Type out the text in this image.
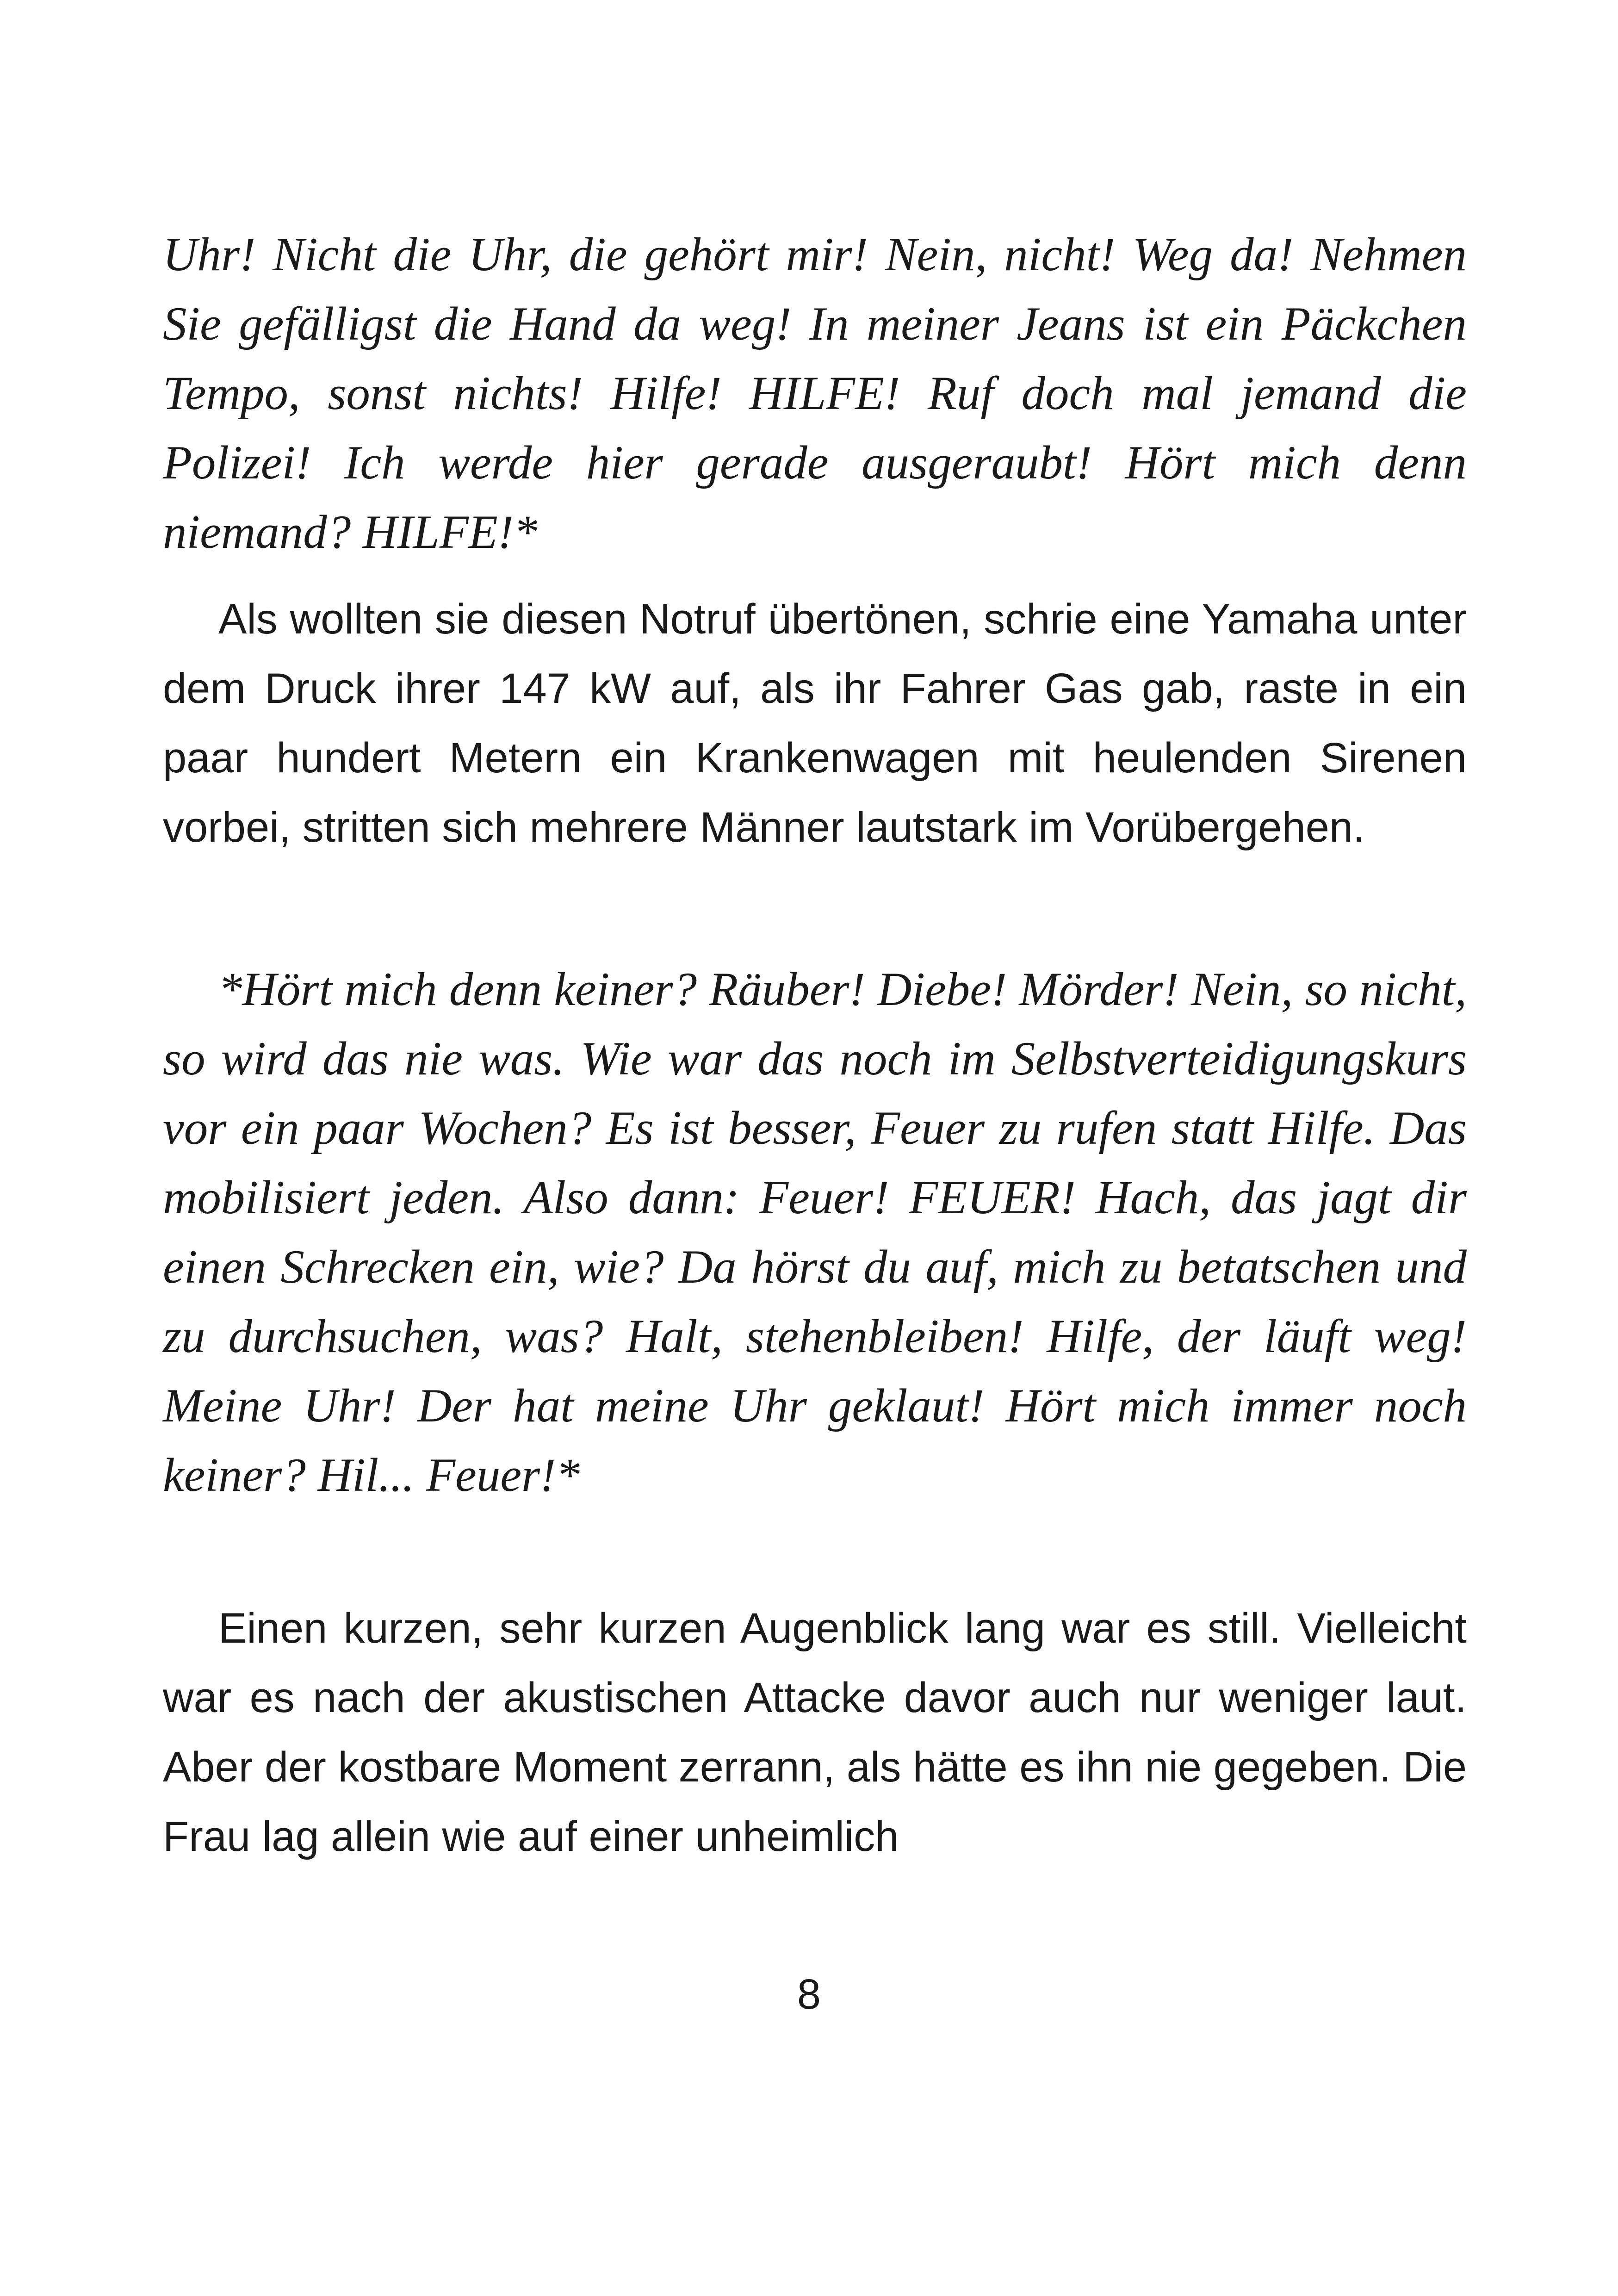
Uhr! Nicht die Uhr, die gehört mir! Nein, nicht! Weg da! Nehmen Sie gefälligst die Hand da weg! In meiner Jeans ist ein Päckchen Tempo, sonst nichts! Hilfe! HILFE! Ruf doch mal jemand die Polizei! Ich werde hier gerade ausgeraubt! Hört mich denn niemand? HILFE!*

Als wollten sie diesen Notruf übertönen, schrie eine Yamaha unter dem Druck ihrer 147 kW auf, als ihr Fahrer Gas gab, raste in ein paar hundert Metern ein Krankenwagen mit heulenden Sirenen vorbei, stritten sich mehrere Männer lautstark im Vorübergehen.

*Hört mich denn keiner? Räuber! Diebe! Mörder! Nein, so nicht, so wird das nie was. Wie war das noch im Selbstverteidigungskurs vor ein paar Wochen? Es ist besser, Feuer zu rufen statt Hilfe. Das mobilisiert jeden. Also dann: Feuer! FEUER! Hach, das jagt dir einen Schrecken ein, wie? Da hörst du auf, mich zu betatschen und zu durchsuchen, was? Halt, stehenbleiben! Hilfe, der läuft weg! Meine Uhr! Der hat meine Uhr geklaut! Hört mich immer noch keiner? Hil... Feuer!*

Einen kurzen, sehr kurzen Augenblick lang war es still. Vielleicht war es nach der akustischen Attacke davor auch nur weniger laut. Aber der kostbare Moment zerrann, als hätte es ihn nie gegeben. Die Frau lag allein wie auf einer unheimlich

8
